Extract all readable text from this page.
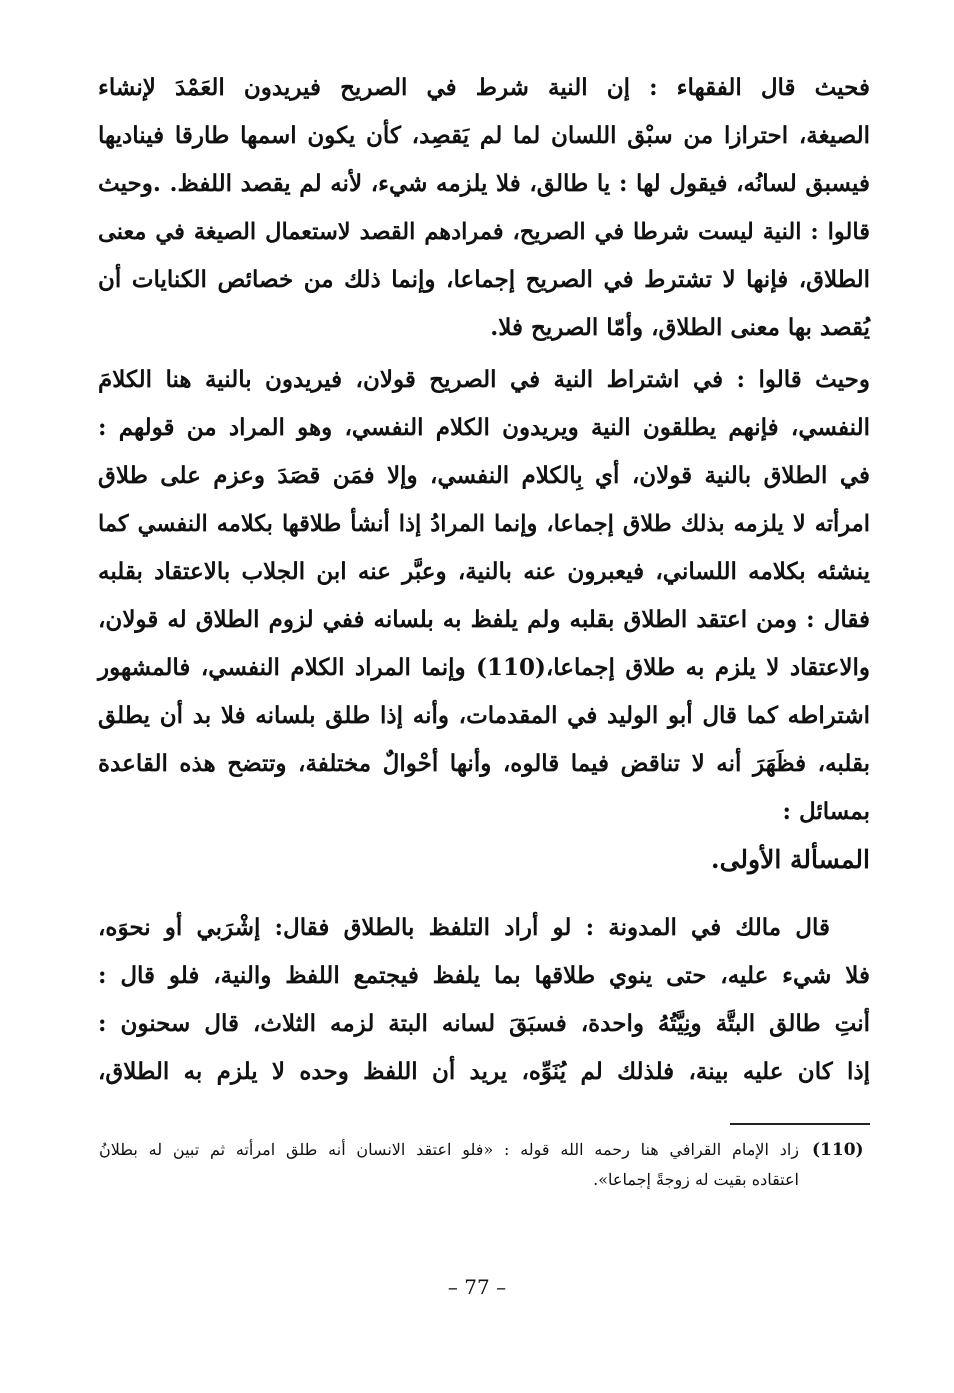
فحيث قال الفقهاء : إن النية شرط في الصريح فيريدون العَمْدَ لإنشاء
الصيغة، احترازا من سبْق اللسان لما لم يَقصِد، كأن يكون اسمها طارقا فيناديها
فيسبق لسانُه، فيقول لها : يا طالق، فلا يلزمه شيء، لأنه لم يقصد اللفظ. .وحيث
قالوا : النية ليست شرطا في الصريح، فمرادهم القصد لاستعمال الصيغة في معنى
الطلاق، فإنها لا تشترط في الصريح إجماعا، وإنما ذلك من خصائص الكنايات أن
يُقصد بها معنى الطلاق، وأمّا الصريح فلا.
وحيث قالوا : في اشتراط النية في الصريح قولان، فيريدون بالنية هنا الكلامَ
النفسي، فإنهم يطلقون النية ويريدون الكلام النفسي، وهو المراد من قولهم :
في الطلاق بالنية قولان، أي بِالكلام النفسي، وإلا فمَن قصَدَ وعزم على طلاق
امرأته لا يلزمه بذلك طلاق إجماعا، وإنما المرادُ إذا أنشأ طلاقها بكلامه النفسي كما
ينشئه بكلامه اللساني، فيعبرون عنه بالنية، وعبَّر عنه ابن الجلاب بالاعتقاد بقلبه
فقال : ومن اعتقد الطلاق بقلبه ولم يلفظ به بلسانه ففي لزوم الطلاق له قولان،
والاعتقاد لا يلزم به طلاق إجماعا،(110) وإنما المراد الكلام النفسي، فالمشهور
اشتراطه كما قال أبو الوليد في المقدمات، وأنه إذا طلق بلسانه فلا بد أن يطلق
بقلبه، فظَهَرَ أنه لا تناقض فيما قالوه، وأنها أحْوالٌ مختلفة، وتتضح هذه القاعدة
بمسائل :
المسألة الأولى.
قال مالك في المدونة : لو أراد التلفظ بالطلاق فقال: إشْرَبي أو نحوَه،
فلا شيء عليه، حتى ينوي طلاقها بما يلفظ فيجتمع اللفظ والنية، فلو قال :
أنتِ طالق البتَّة ونِيَّتُهُ واحدة، فسبَقَ لسانه البتة لزمه الثلاث، قال سحنون :
إذا كان عليه بينة، فلذلك لم يُنَوِّه، يريد أن اللفظ وحده لا يلزم به الطلاق،
(110)
زاد الإمام القرافي هنا رحمه الله قوله : «فلو اعتقد الانسان أنه طلق امرأته ثم تبين له بطلانُ
اعتقاده بقيت له زوجةً إجماعا».
– 77 –
